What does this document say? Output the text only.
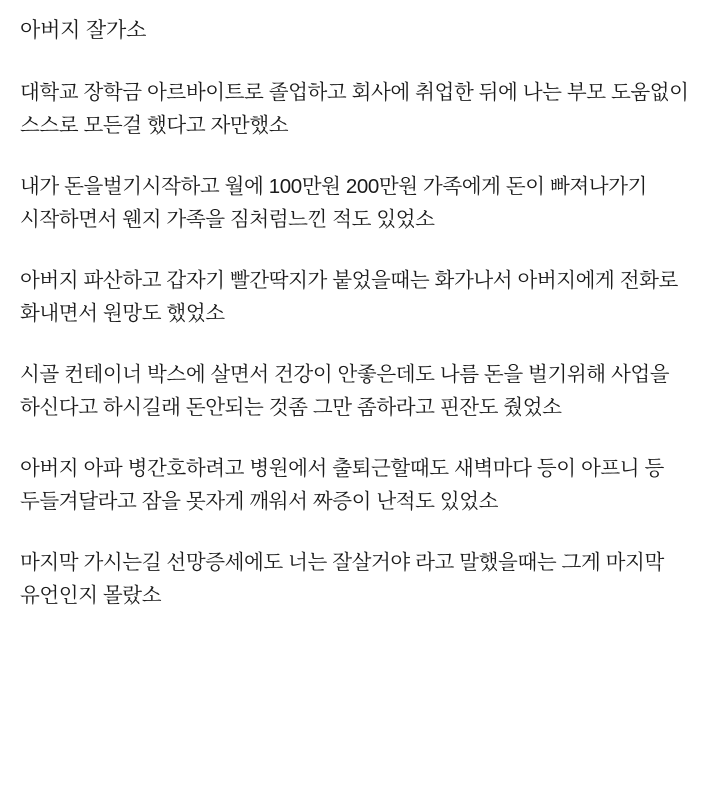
아버지 잘가소

대학교 장학금 아르바이트로 졸업하고 회사에 취업한 뒤에 나는 부모 도움없이 스스로 모든걸 했다고 자만했소

내가 돈을벌기시작하고 월에 100만원 200만원 가족에게 돈이 빠져나가기 시작하면서 웬지 가족을 짐처럼느낀 적도 있었소

아버지 파산하고 갑자기 빨간딱지가 붙었을때는 화가나서 아버지에게 전화로 화내면서 원망도 했었소

시골 컨테이너 박스에 살면서 건강이 안좋은데도 나름 돈을 벌기위해 사업을 하신다고 하시길래 돈안되는 것좀 그만 좀하라고 핀잔도 줬었소

아버지 아파 병간호하려고 병원에서 출퇴근할때도 새벽마다 등이 아프니 등 두들겨달라고 잠을 못자게 깨워서 짜증이 난적도 있었소

마지막 가시는길 선망증세에도 너는 잘살거야 라고 말했을때는 그게 마지막 유언인지 몰랐소
